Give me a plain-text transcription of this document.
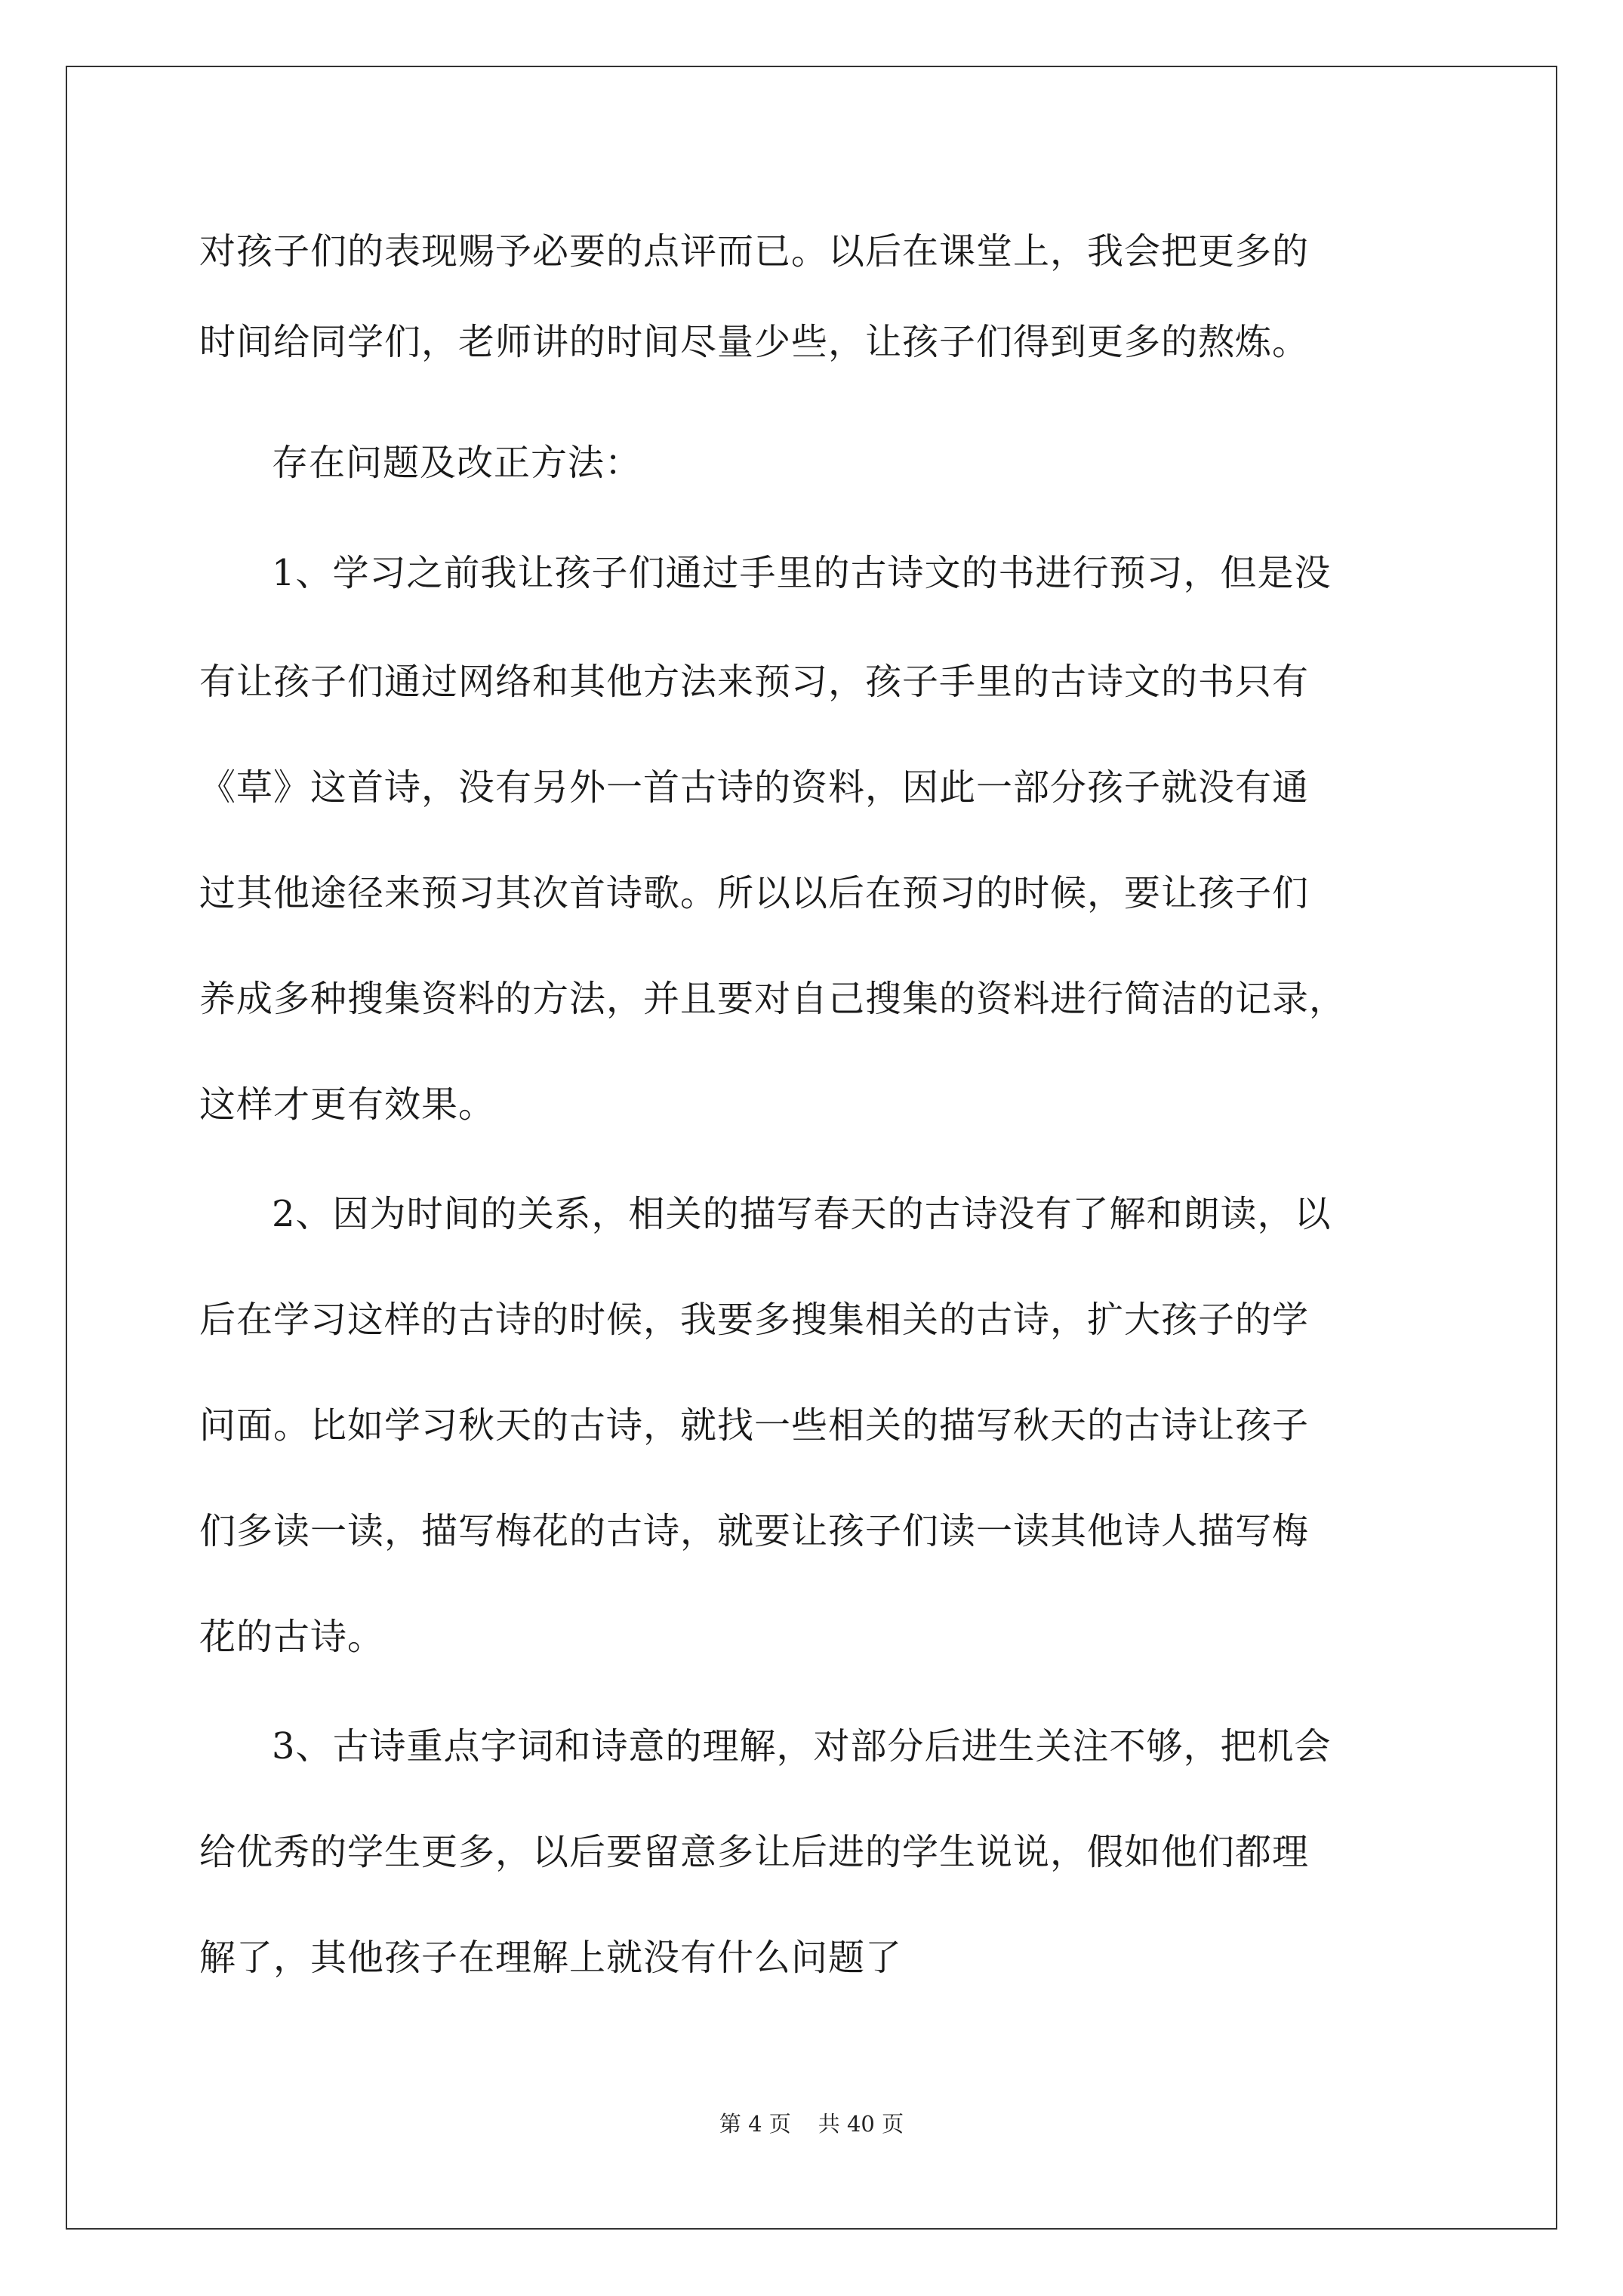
对孩子们的表现赐予必要的点评而已。以后在课堂上，我会把更多的
时间给同学们，老师讲的时间尽量少些，让孩子们得到更多的熬炼。
存在问题及改正方法：
1、学习之前我让孩子们通过手里的古诗文的书进行预习，但是没
有让孩子们通过网络和其他方法来预习，孩子手里的古诗文的书只有
《草》这首诗，没有另外一首古诗的资料，因此一部分孩子就没有通
过其他途径来预习其次首诗歌。所以以后在预习的时候，要让孩子们
养成多种搜集资料的方法，并且要对自己搜集的资料进行简洁的记录，
这样才更有效果。
2、因为时间的关系，相关的描写春天的古诗没有了解和朗读，以
后在学习这样的古诗的时候，我要多搜集相关的古诗，扩大孩子的学
问面。比如学习秋天的古诗，就找一些相关的描写秋天的古诗让孩子
们多读一读，描写梅花的古诗，就要让孩子们读一读其他诗人描写梅
花的古诗。
3、古诗重点字词和诗意的理解，对部分后进生关注不够，把机会
给优秀的学生更多，以后要留意多让后进的学生说说，假如他们都理
解了，其他孩子在理解上就没有什么问题了
第 4 页 共 40 页
